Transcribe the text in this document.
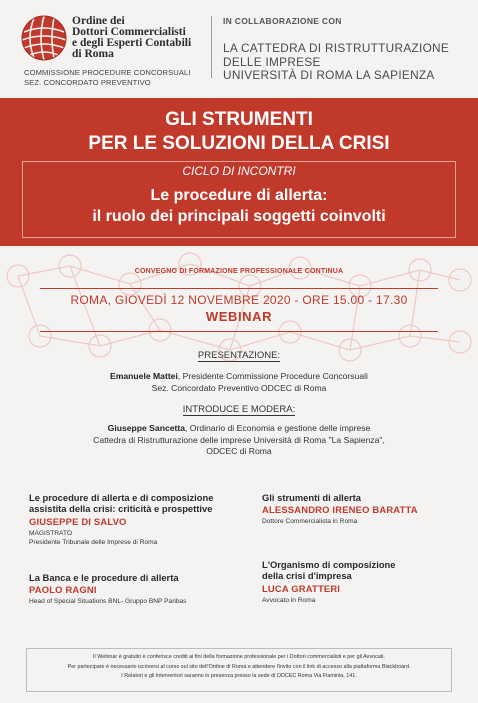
Ordine dei
Dottori Commercialisti
e degli Esperti Contabili
di Roma
COMMISSIONE PROCEDURE CONCORSUALI
SEZ. CONCORDATO PREVENTIVO
IN COLLABORAZIONE CON
LA CATTEDRA DI RISTRUTTURAZIONE
DELLE IMPRESE
UNIVERSITÀ DI ROMA LA SAPIENZA
GLI STRUMENTI
PER LE SOLUZIONI DELLA CRISI
CICLO DI INCONTRI
Le procedure di allerta:
il ruolo dei principali soggetti coinvolti
CONVEGNO DI FORMAZIONE PROFESSIONALE CONTINUA
ROMA, GIOVEDÌ 12 NOVEMBRE 2020 - ORE 15.00 - 17.30
WEBINAR
PRESENTAZIONE:
Emanuele Mattei, Presidente Commissione Procedure Concorsuali
Sez. Concordato Preventivo ODCEC di Roma
INTRODUCE E MODERA:
Giuseppe Sancetta, Ordinario di Economia e gestione delle imprese
Cattedra di Ristrutturazione delle imprese Università di Roma "La Sapienza",
ODCEC di Roma
Le procedure di allerta e di composizione
assistita della crisi: criticità e prospettive
GIUSEPPE DI SALVO
MAGISTRATO
Presidente Tribunale delle Imprese di Roma
Gli strumenti di allerta
ALESSANDRO IRENEO BARATTA
Dottore Commercialista in Roma
La Banca e le procedure di allerta
PAOLO RAGNI
Head of Special Situations BNL- Gruppo BNP Paribas
L'Organismo di composizione
della crisi d'impresa
LUCA GRATTERI
Avvocato in Roma
Il Webinar è gratuito e conferisce crediti ai fini della formazione professionale per i Dottori commercialisti e per gli Avvocati.
Per partecipare è necessario iscriversi al corso sul sito dell'Ordine di Roma e attendere l'invito con il link di accesso alla piattaforma Blackboard.
I Relatori e gli Interventori saranno in presenza presso la sede di ODCEC Roma Via Flaminia, 141.
